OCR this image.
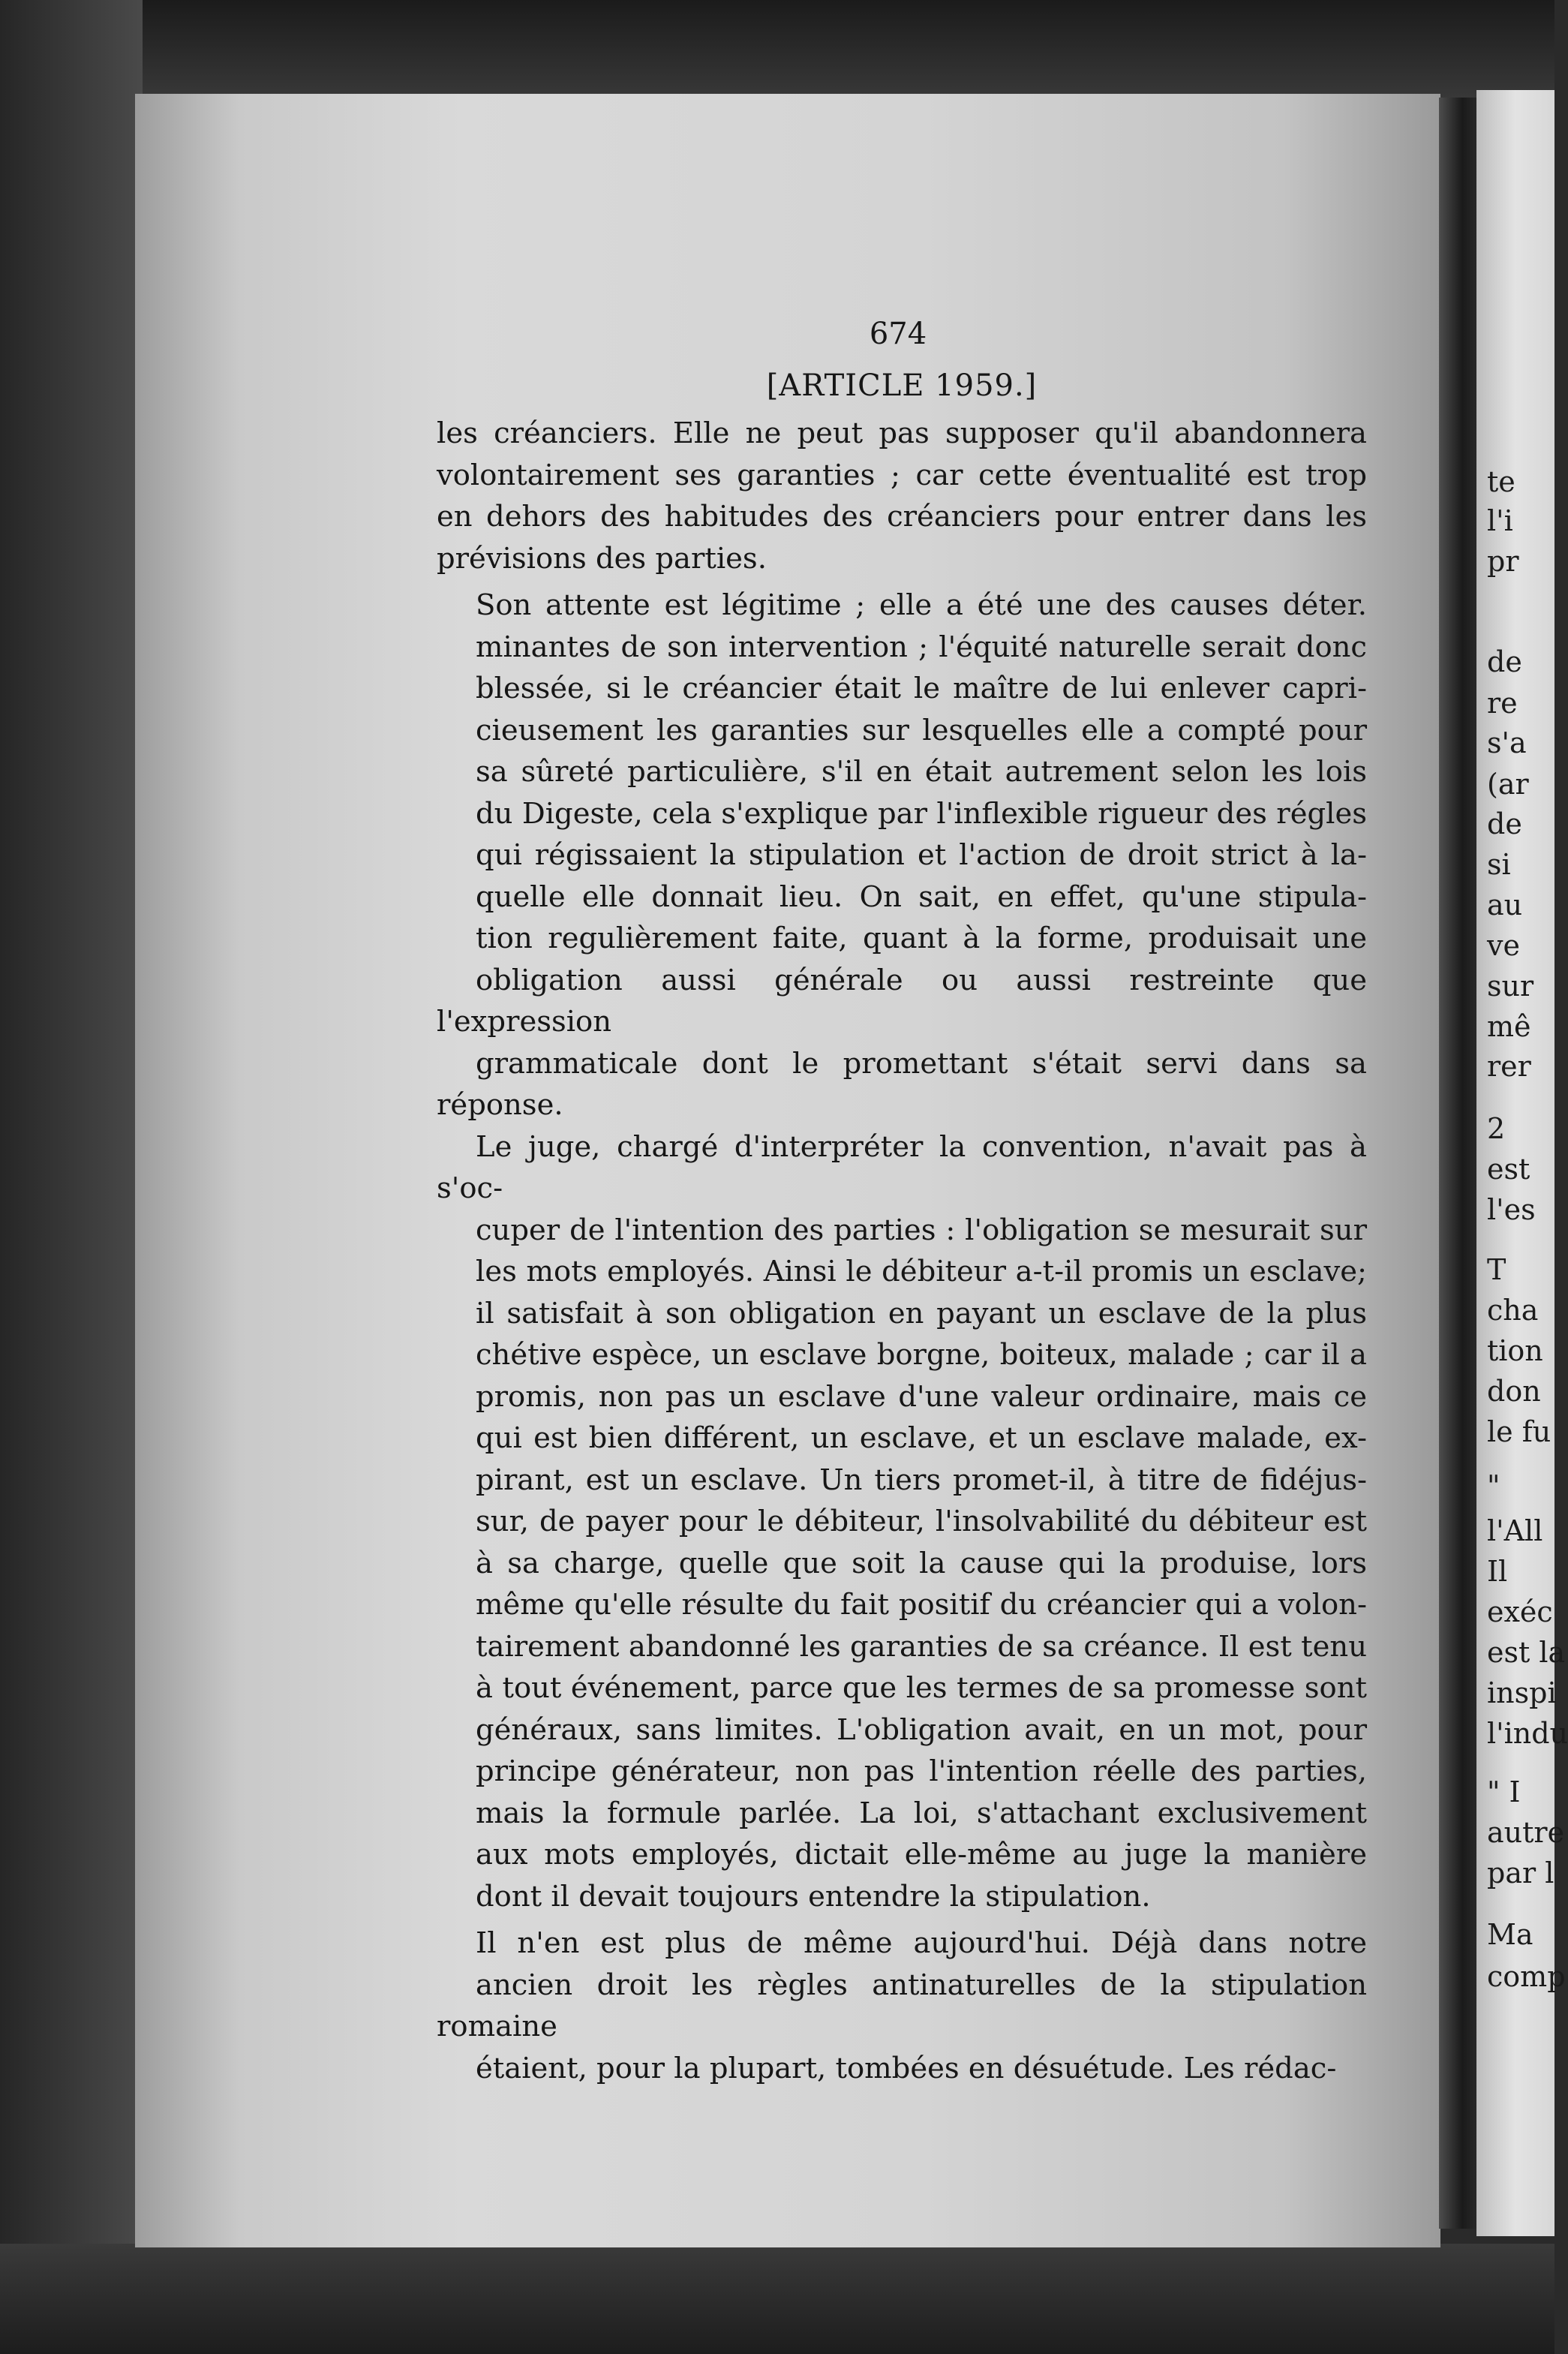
te
l'i
pr
de
re
s'a
(ar
de
si
au
ve
sur
mê
rer
2
est
l'es
T
cha
tion
don
le fu
"
l'All
Il
exéc
est la
inspi
l'indu
" I
autre
par l
Ma
comp
674
[ARTICLE 1959.]
les créanciers. Elle ne peut pas supposer qu'il abandonnera
volontairement ses garanties ; car cette éventualité est trop
en dehors des habitudes des créanciers pour entrer dans les
prévisions des parties.
Son attente est légitime ; elle a été une des causes déter.
minantes de son intervention ; l'équité naturelle serait donc
blessée, si le créancier était le maître de lui enlever capri-
cieusement les garanties sur lesquelles elle a compté pour
sa sûreté particulière, s'il en était autrement selon les lois
du Digeste, cela s'explique par l'inflexible rigueur des régles
qui régissaient la stipulation et l'action de droit strict à la-
quelle elle donnait lieu. On sait, en effet, qu'une stipula-
tion regulièrement faite, quant à la forme, produisait une
obligation aussi générale ou aussi restreinte que l'expression
grammaticale dont le promettant s'était servi dans sa réponse.
Le juge, chargé d'interpréter la convention, n'avait pas à s'oc-
cuper de l'intention des parties : l'obligation se mesurait sur
les mots employés. Ainsi le débiteur a-t-il promis un esclave;
il satisfait à son obligation en payant un esclave de la plus
chétive espèce, un esclave borgne, boiteux, malade ; car il a
promis, non pas un esclave d'une valeur ordinaire, mais ce
qui est bien différent, un esclave, et un esclave malade, ex-
pirant, est un esclave. Un tiers promet-il, à titre de fidéjus-
sur, de payer pour le débiteur, l'insolvabilité du débiteur est
à sa charge, quelle que soit la cause qui la produise, lors
même qu'elle résulte du fait positif du créancier qui a volon-
tairement abandonné les garanties de sa créance. Il est tenu
à tout événement, parce que les termes de sa promesse sont
généraux, sans limites. L'obligation avait, en un mot, pour
principe générateur, non pas l'intention réelle des parties,
mais la formule parlée. La loi, s'attachant exclusivement
aux mots employés, dictait elle-même au juge la manière
dont il devait toujours entendre la stipulation.
Il n'en est plus de même aujourd'hui. Déjà dans notre
ancien droit les règles antinaturelles de la stipulation romaine
étaient, pour la plupart, tombées en désuétude. Les rédac-
